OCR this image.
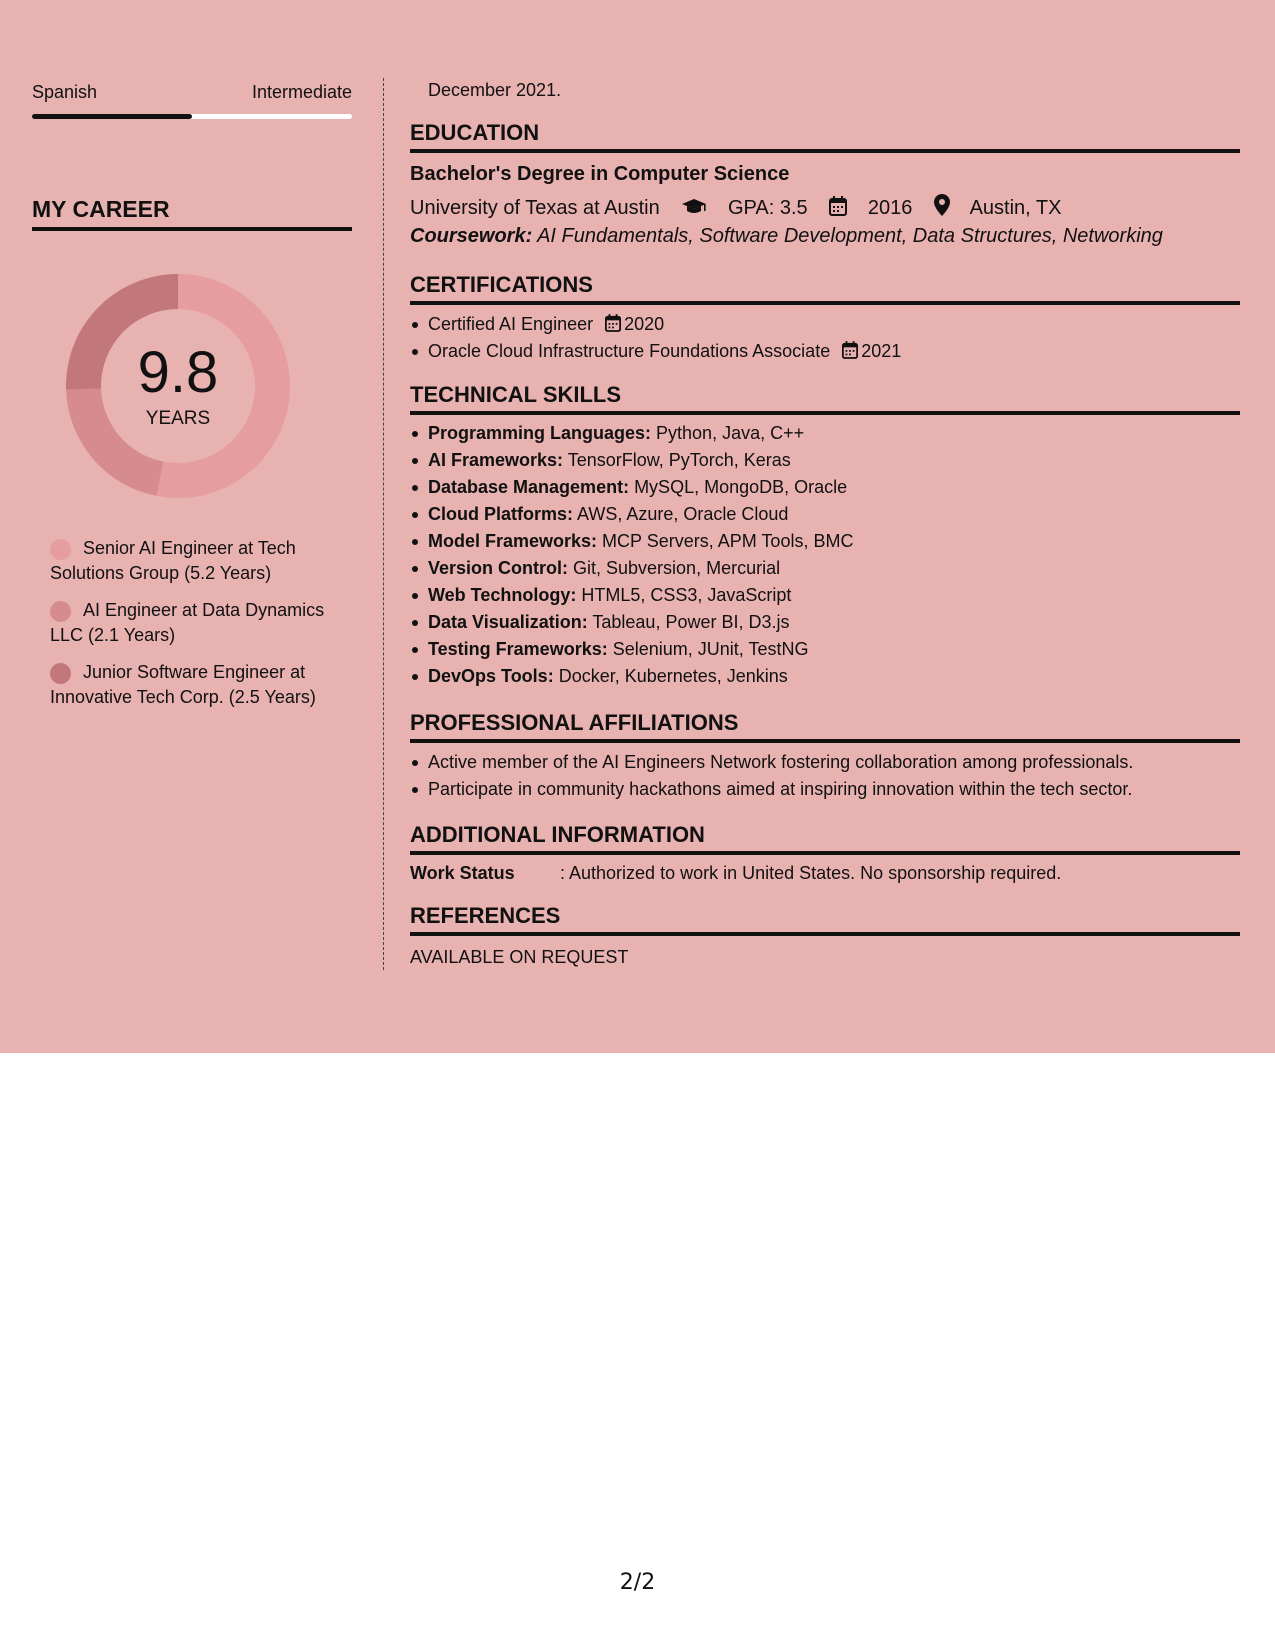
Spanish	Intermediate
MY CAREER
9.8
YEARS
Senior AI Engineer at Tech Solutions Group (5.2 Years)
AI Engineer at Data Dynamics LLC (2.1 Years)
Junior Software Engineer at Innovative Tech Corp. (2.5 Years)
December 2021.
EDUCATION
Bachelor's Degree in Computer Science
University of Texas at Austin	GPA: 3.5	2016	Austin, TX
Coursework: AI Fundamentals, Software Development, Data Structures, Networking
CERTIFICATIONS
Certified AI Engineer 2020
Oracle Cloud Infrastructure Foundations Associate 2021
TECHNICAL SKILLS
Programming Languages: Python, Java, C++
AI Frameworks: TensorFlow, PyTorch, Keras
Database Management: MySQL, MongoDB, Oracle
Cloud Platforms: AWS, Azure, Oracle Cloud
Model Frameworks: MCP Servers, APM Tools, BMC
Version Control: Git, Subversion, Mercurial
Web Technology: HTML5, CSS3, JavaScript
Data Visualization: Tableau, Power BI, D3.js
Testing Frameworks: Selenium, JUnit, TestNG
DevOps Tools: Docker, Kubernetes, Jenkins
PROFESSIONAL AFFILIATIONS
Active member of the AI Engineers Network fostering collaboration among professionals.
Participate in community hackathons aimed at inspiring innovation within the tech sector.
ADDITIONAL INFORMATION
Work Status	: Authorized to work in United States. No sponsorship required.
REFERENCES
AVAILABLE ON REQUEST
2/2
